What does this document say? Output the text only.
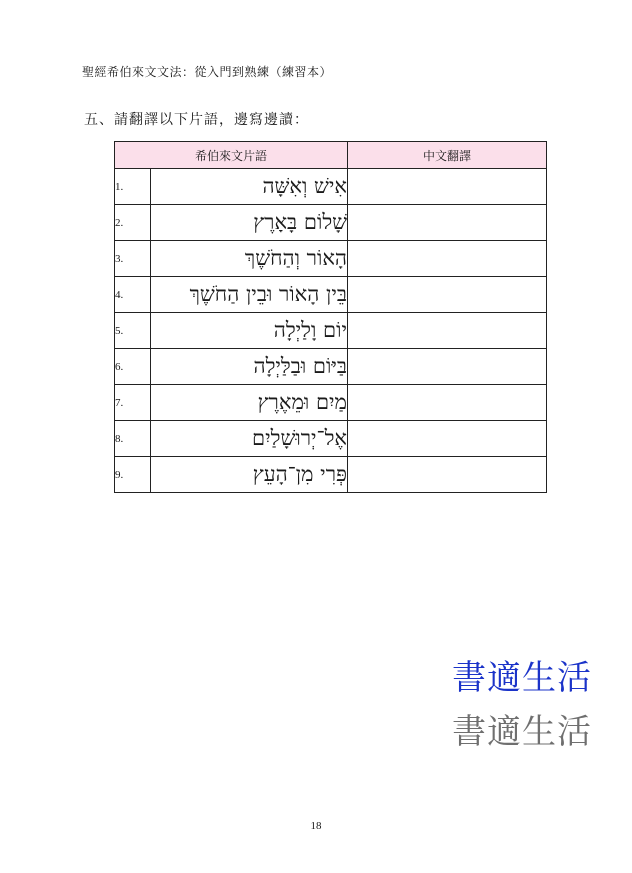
聖經希伯來文文法：從入門到熟練（練習本）
五、請翻譯以下片語，邊寫邊讀：
希伯來文片語		中文翻譯
1.	אִישׁ וְאִשָּׁה	
2.	שָׁלוֹם בָּאָרֶץ	
3.	הָאוֹר וְהַחֹשֶׁךְ	
4.	בֵּין הָאוֹר וּבֵין הַחֹשֶׁךְ	
5.	יוֹם וָלַיְלָה	
6.	בַּיּוֹם וּבַלַּיְלָה	
7.	מַיִם וּמֵאֶרֶץ	
8.	אֶל־יְרוּשָׁלַיִם	
9.	פְּרִי מִן־הָעֵץ	
書適生活
書適生活
18
